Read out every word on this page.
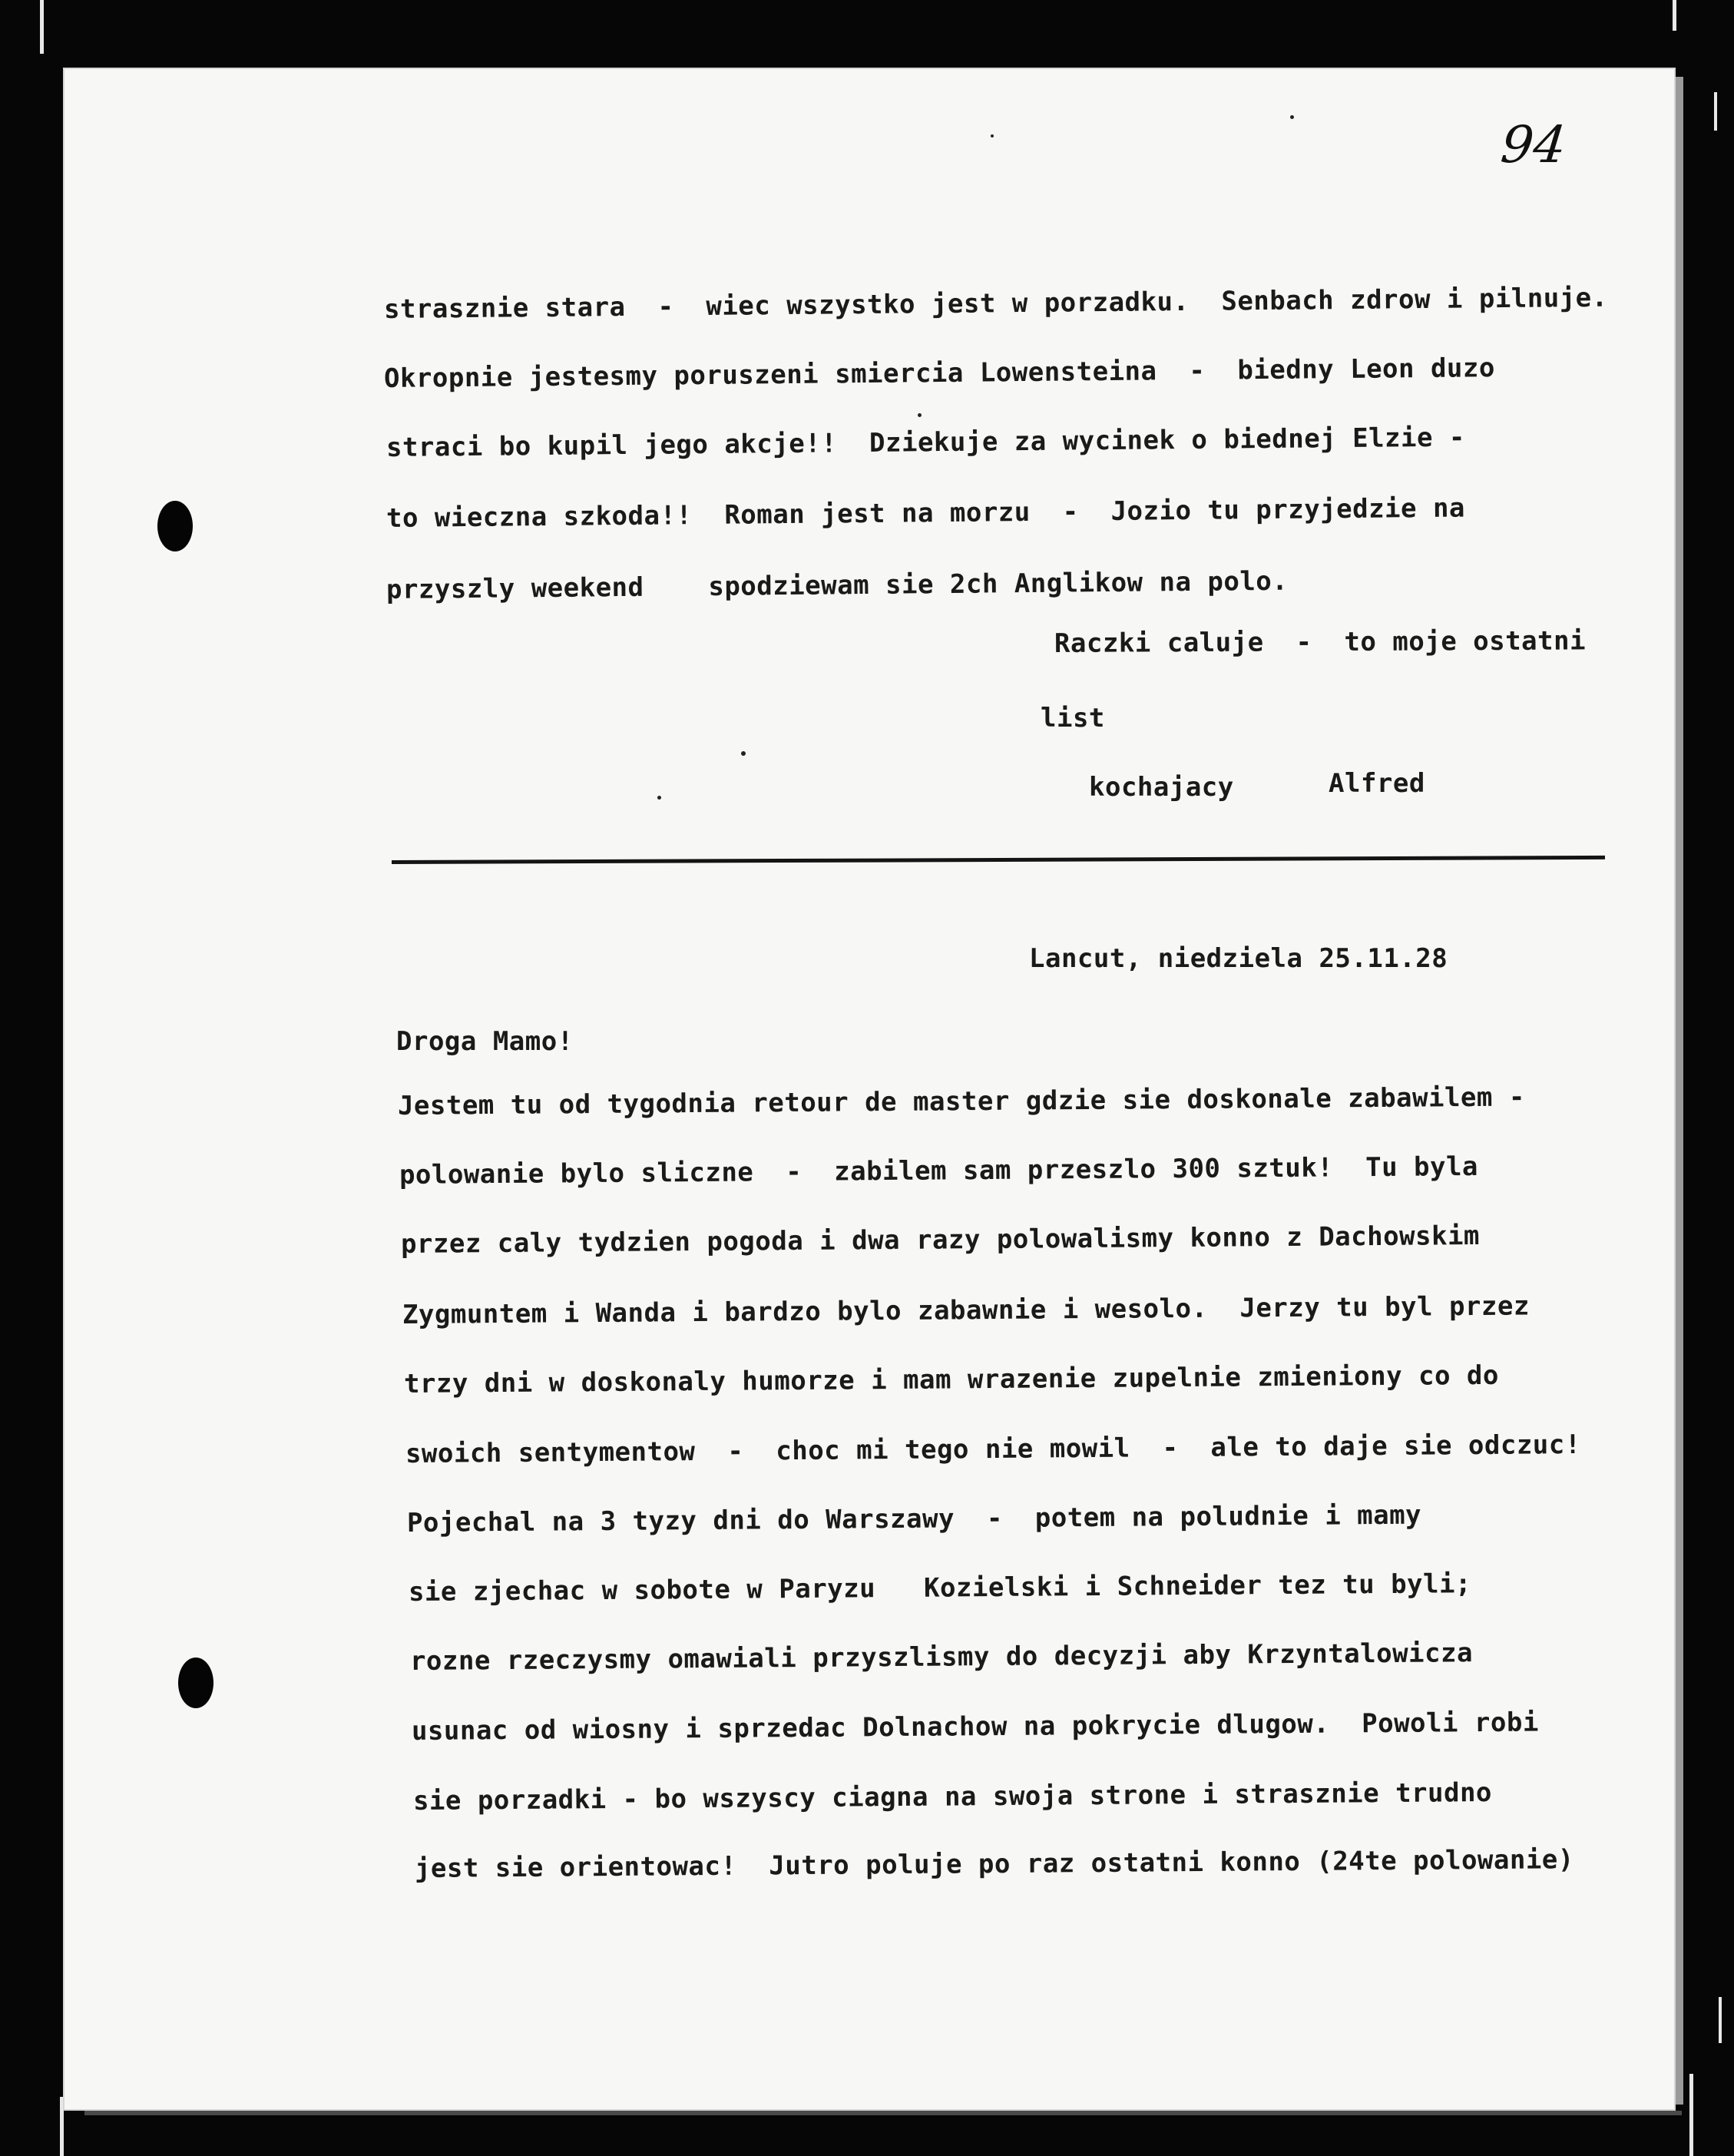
94
strasznie stara  -  wiec wszystko jest w porzadku.  Senbach zdrow i pilnuje.
Okropnie jestesmy poruszeni smiercia Lowensteina  -  biedny Leon duzo
straci bo kupil jego akcje!!  Dziekuje za wycinek o biednej Elzie -
to wieczna szkoda!!  Roman jest na morzu  -  Jozio tu przyjedzie na
przyszly weekend    spodziewam sie 2ch Anglikow na polo.
Raczki caluje  -  to moje ostatni
list
kochajacy	Alfred
Lancut, niedziela 25.11.28
Droga Mamo!
Jestem tu od tygodnia retour de master gdzie sie doskonale zabawilem -
polowanie bylo sliczne  -  zabilem sam przeszlo 300 sztuk!  Tu byla
przez caly tydzien pogoda i dwa razy polowalismy konno z Dachowskim
Zygmuntem i Wanda i bardzo bylo zabawnie i wesolo.  Jerzy tu byl przez
trzy dni w doskonaly humorze i mam wrazenie zupelnie zmieniony co do
swoich sentymentow  -  choc mi tego nie mowil  -  ale to daje sie odczuc!
Pojechal na 3 tyzy dni do Warszawy  -  potem na poludnie i mamy
sie zjechac w sobote w Paryzu   Kozielski i Schneider tez tu byli;
rozne rzeczysmy omawiali przyszlismy do decyzji aby Krzyntalowicza
usunac od wiosny i sprzedac Dolnachow na pokrycie dlugow.  Powoli robi
sie porzadki - bo wszyscy ciagna na swoja strone i strasznie trudno
jest sie orientowac!  Jutro poluje po raz ostatni konno (24te polowanie)
